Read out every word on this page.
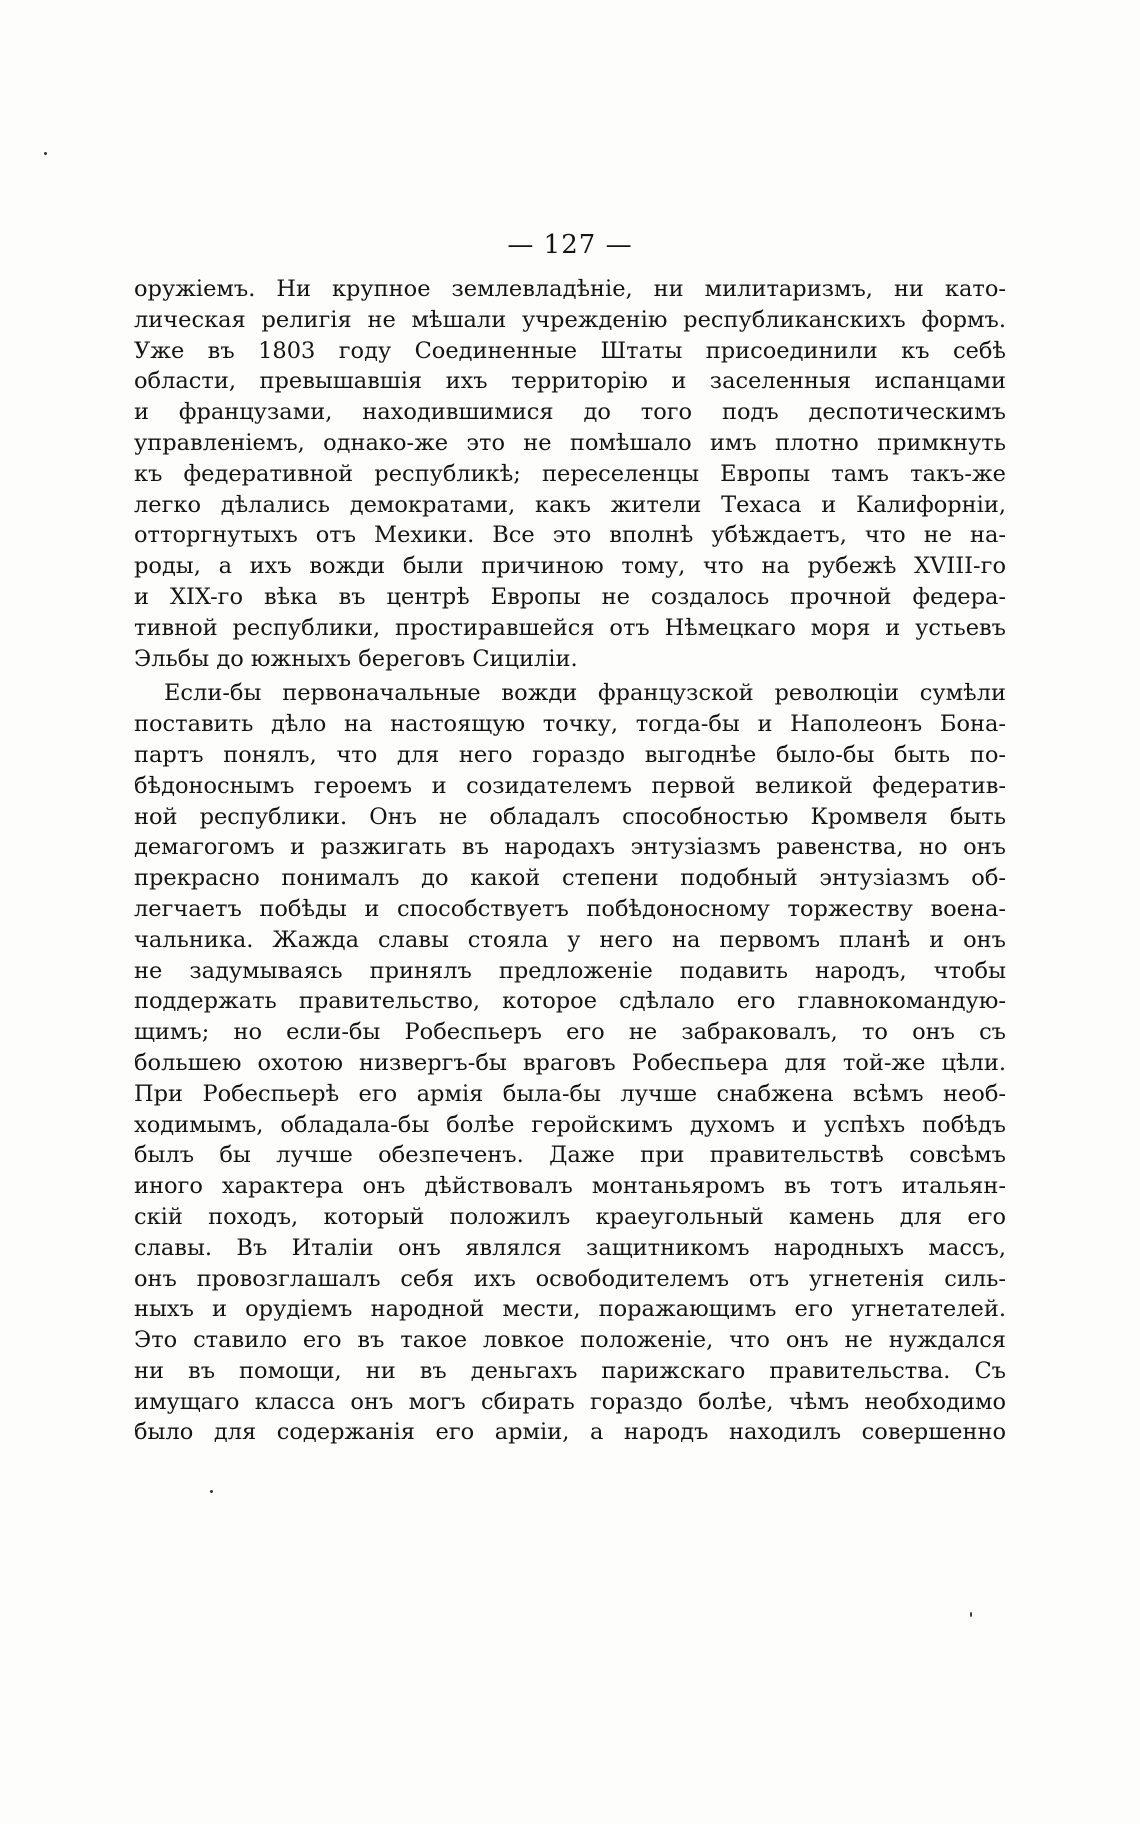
— 127 —
оружіемъ. Ни крупное землевладѣніе, ни милитаризмъ, ни като-
лическая религія не мѣшали учрежденію республиканскихъ формъ.
Уже въ 1803 году Соединенные Штаты присоединили къ себѣ
области, превышавшія ихъ территорію и заселенныя испанцами
и французами, находившимися до того подъ деспотическимъ
управленіемъ, однако-же это не помѣшало имъ плотно примкнуть
къ федеративной республикѣ; переселенцы Европы тамъ такъ-же
легко дѣлались демократами, какъ жители Техаса и Калифорніи,
отторгнутыхъ отъ Мехики. Все это вполнѣ убѣждаетъ, что не на-
роды, а ихъ вожди были причиною тому, что на рубежѣ XVIII-го
и XIX-го вѣка въ центрѣ Европы не создалось прочной федера-
тивной республики, простиравшейся отъ Нѣмецкаго моря и устьевъ
Эльбы до южныхъ береговъ Сициліи.
Если-бы первоначальные вожди французской революціи сумѣли
поставить дѣло на настоящую точку, тогда-бы и Наполеонъ Бона-
партъ понялъ, что для него гораздо выгоднѣе было-бы быть по-
бѣдоноснымъ героемъ и созидателемъ первой великой федератив-
ной республики. Онъ не обладалъ способностью Кромвеля быть
демагогомъ и разжигать въ народахъ энтузіазмъ равенства, но онъ
прекрасно понималъ до какой степени подобный энтузіазмъ об-
легчаетъ побѣды и способствуетъ побѣдоносному торжеству воена-
чальника. Жажда славы стояла у него на первомъ планѣ и онъ
не задумываясь принялъ предложеніе подавить народъ, чтобы
поддержать правительство, которое сдѣлало его главнокомандую-
щимъ; но если-бы Робеспьеръ его не забраковалъ, то онъ съ
большею охотою низвергъ-бы враговъ Робеспьера для той-же цѣли.
При Робеспьерѣ его армія была-бы лучше снабжена всѣмъ необ-
ходимымъ, обладала-бы болѣе геройскимъ духомъ и успѣхъ побѣдъ
былъ бы лучше обезпеченъ. Даже при правительствѣ совсѣмъ
иного характера онъ дѣйствовалъ монтаньяромъ въ тотъ итальян-
скій походъ, который положилъ краеугольный камень для его
славы. Въ Италіи онъ являлся защитникомъ народныхъ массъ,
онъ провозглашалъ себя ихъ освободителемъ отъ угнетенія силь-
ныхъ и орудіемъ народной мести, поражающимъ его угнетателей.
Это ставило его въ такое ловкое положеніе, что онъ не нуждался
ни въ помощи, ни въ деньгахъ парижскаго правительства. Съ
имущаго класса онъ могъ сбирать гораздо болѣе, чѣмъ необходимо
было для содержанія его арміи, а народъ находилъ совершенно
